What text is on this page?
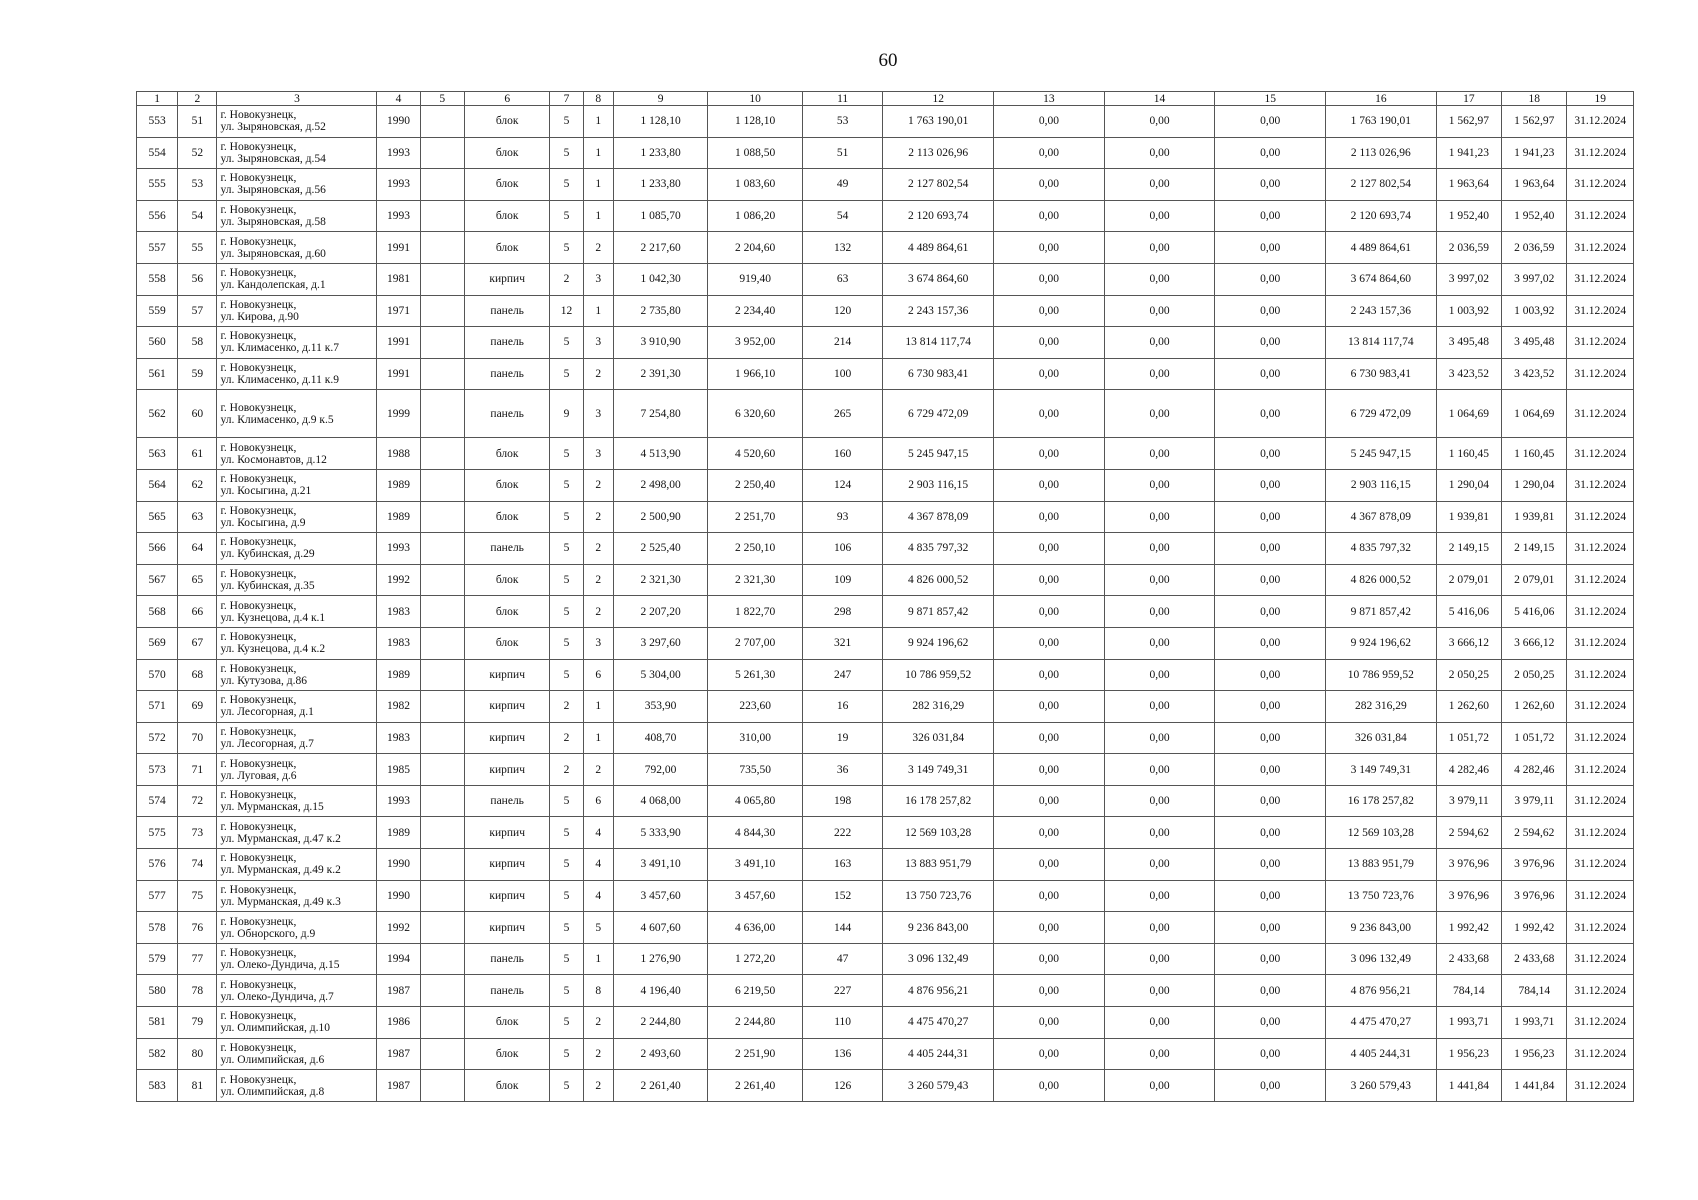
60
1	2	3	4	5	6	7	8	9	10	11	12	13	14	15	16	17	18	19
553	51	г. Новокузнецк,
ул. Зыряновская, д.52	1990		блок	5	1	1 128,10	1 128,10	53	1 763 190,01	0,00	0,00	0,00	1 763 190,01	1 562,97	1 562,97	31.12.2024
554	52	г. Новокузнецк,
ул. Зыряновская, д.54	1993		блок	5	1	1 233,80	1 088,50	51	2 113 026,96	0,00	0,00	0,00	2 113 026,96	1 941,23	1 941,23	31.12.2024
555	53	г. Новокузнецк,
ул. Зыряновская, д.56	1993		блок	5	1	1 233,80	1 083,60	49	2 127 802,54	0,00	0,00	0,00	2 127 802,54	1 963,64	1 963,64	31.12.2024
556	54	г. Новокузнецк,
ул. Зыряновская, д.58	1993		блок	5	1	1 085,70	1 086,20	54	2 120 693,74	0,00	0,00	0,00	2 120 693,74	1 952,40	1 952,40	31.12.2024
557	55	г. Новокузнецк,
ул. Зыряновская, д.60	1991		блок	5	2	2 217,60	2 204,60	132	4 489 864,61	0,00	0,00	0,00	4 489 864,61	2 036,59	2 036,59	31.12.2024
558	56	г. Новокузнецк,
ул. Кандолепская, д.1	1981		кирпич	2	3	1 042,30	919,40	63	3 674 864,60	0,00	0,00	0,00	3 674 864,60	3 997,02	3 997,02	31.12.2024
559	57	г. Новокузнецк,
ул. Кирова, д.90	1971		панель	12	1	2 735,80	2 234,40	120	2 243 157,36	0,00	0,00	0,00	2 243 157,36	1 003,92	1 003,92	31.12.2024
560	58	г. Новокузнецк,
ул. Климасенко, д.11 к.7	1991		панель	5	3	3 910,90	3 952,00	214	13 814 117,74	0,00	0,00	0,00	13 814 117,74	3 495,48	3 495,48	31.12.2024
561	59	г. Новокузнецк,
ул. Климасенко, д.11 к.9	1991		панель	5	2	2 391,30	1 966,10	100	6 730 983,41	0,00	0,00	0,00	6 730 983,41	3 423,52	3 423,52	31.12.2024
562	60	г. Новокузнецк,
ул. Климасенко, д.9 к.5	1999		панель	9	3	7 254,80	6 320,60	265	6 729 472,09	0,00	0,00	0,00	6 729 472,09	1 064,69	1 064,69	31.12.2024
563	61	г. Новокузнецк,
ул. Космонавтов, д.12	1988		блок	5	3	4 513,90	4 520,60	160	5 245 947,15	0,00	0,00	0,00	5 245 947,15	1 160,45	1 160,45	31.12.2024
564	62	г. Новокузнецк,
ул. Косыгина, д.21	1989		блок	5	2	2 498,00	2 250,40	124	2 903 116,15	0,00	0,00	0,00	2 903 116,15	1 290,04	1 290,04	31.12.2024
565	63	г. Новокузнецк,
ул. Косыгина, д.9	1989		блок	5	2	2 500,90	2 251,70	93	4 367 878,09	0,00	0,00	0,00	4 367 878,09	1 939,81	1 939,81	31.12.2024
566	64	г. Новокузнецк,
ул. Кубинская, д.29	1993		панель	5	2	2 525,40	2 250,10	106	4 835 797,32	0,00	0,00	0,00	4 835 797,32	2 149,15	2 149,15	31.12.2024
567	65	г. Новокузнецк,
ул. Кубинская, д.35	1992		блок	5	2	2 321,30	2 321,30	109	4 826 000,52	0,00	0,00	0,00	4 826 000,52	2 079,01	2 079,01	31.12.2024
568	66	г. Новокузнецк,
ул. Кузнецова, д.4 к.1	1983		блок	5	2	2 207,20	1 822,70	298	9 871 857,42	0,00	0,00	0,00	9 871 857,42	5 416,06	5 416,06	31.12.2024
569	67	г. Новокузнецк,
ул. Кузнецова, д.4 к.2	1983		блок	5	3	3 297,60	2 707,00	321	9 924 196,62	0,00	0,00	0,00	9 924 196,62	3 666,12	3 666,12	31.12.2024
570	68	г. Новокузнецк,
ул. Кутузова, д.86	1989		кирпич	5	6	5 304,00	5 261,30	247	10 786 959,52	0,00	0,00	0,00	10 786 959,52	2 050,25	2 050,25	31.12.2024
571	69	г. Новокузнецк,
ул. Лесогорная, д.1	1982		кирпич	2	1	353,90	223,60	16	282 316,29	0,00	0,00	0,00	282 316,29	1 262,60	1 262,60	31.12.2024
572	70	г. Новокузнецк,
ул. Лесогорная, д.7	1983		кирпич	2	1	408,70	310,00	19	326 031,84	0,00	0,00	0,00	326 031,84	1 051,72	1 051,72	31.12.2024
573	71	г. Новокузнецк,
ул. Луговая, д.6	1985		кирпич	2	2	792,00	735,50	36	3 149 749,31	0,00	0,00	0,00	3 149 749,31	4 282,46	4 282,46	31.12.2024
574	72	г. Новокузнецк,
ул. Мурманская, д.15	1993		панель	5	6	4 068,00	4 065,80	198	16 178 257,82	0,00	0,00	0,00	16 178 257,82	3 979,11	3 979,11	31.12.2024
575	73	г. Новокузнецк,
ул. Мурманская, д.47 к.2	1989		кирпич	5	4	5 333,90	4 844,30	222	12 569 103,28	0,00	0,00	0,00	12 569 103,28	2 594,62	2 594,62	31.12.2024
576	74	г. Новокузнецк,
ул. Мурманская, д.49 к.2	1990		кирпич	5	4	3 491,10	3 491,10	163	13 883 951,79	0,00	0,00	0,00	13 883 951,79	3 976,96	3 976,96	31.12.2024
577	75	г. Новокузнецк,
ул. Мурманская, д.49 к.3	1990		кирпич	5	4	3 457,60	3 457,60	152	13 750 723,76	0,00	0,00	0,00	13 750 723,76	3 976,96	3 976,96	31.12.2024
578	76	г. Новокузнецк,
ул. Обнорского, д.9	1992		кирпич	5	5	4 607,60	4 636,00	144	9 236 843,00	0,00	0,00	0,00	9 236 843,00	1 992,42	1 992,42	31.12.2024
579	77	г. Новокузнецк,
ул. Олеко-Дундича, д.15	1994		панель	5	1	1 276,90	1 272,20	47	3 096 132,49	0,00	0,00	0,00	3 096 132,49	2 433,68	2 433,68	31.12.2024
580	78	г. Новокузнецк,
ул. Олеко-Дундича, д.7	1987		панель	5	8	4 196,40	6 219,50	227	4 876 956,21	0,00	0,00	0,00	4 876 956,21	784,14	784,14	31.12.2024
581	79	г. Новокузнецк,
ул. Олимпийская, д.10	1986		блок	5	2	2 244,80	2 244,80	110	4 475 470,27	0,00	0,00	0,00	4 475 470,27	1 993,71	1 993,71	31.12.2024
582	80	г. Новокузнецк,
ул. Олимпийская, д.6	1987		блок	5	2	2 493,60	2 251,90	136	4 405 244,31	0,00	0,00	0,00	4 405 244,31	1 956,23	1 956,23	31.12.2024
583	81	г. Новокузнецк,
ул. Олимпийская, д.8	1987		блок	5	2	2 261,40	2 261,40	126	3 260 579,43	0,00	0,00	0,00	3 260 579,43	1 441,84	1 441,84	31.12.2024
